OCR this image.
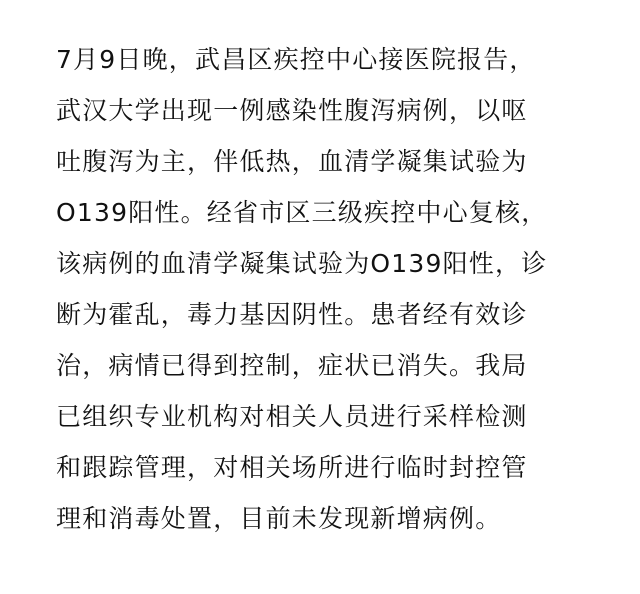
7月9日晚，武昌区疾控中心接医院报告，
武汉大学出现一例感染性腹泻病例，以呕
吐腹泻为主，伴低热，血清学凝集试验为
O139阳性。经省市区三级疾控中心复核，
该病例的血清学凝集试验为O139阳性，诊
断为霍乱，毒力基因阴性。患者经有效诊
治，病情已得到控制，症状已消失。我局
已组织专业机构对相关人员进行采样检测
和跟踪管理，对相关场所进行临时封控管
理和消毒处置，目前未发现新增病例。
